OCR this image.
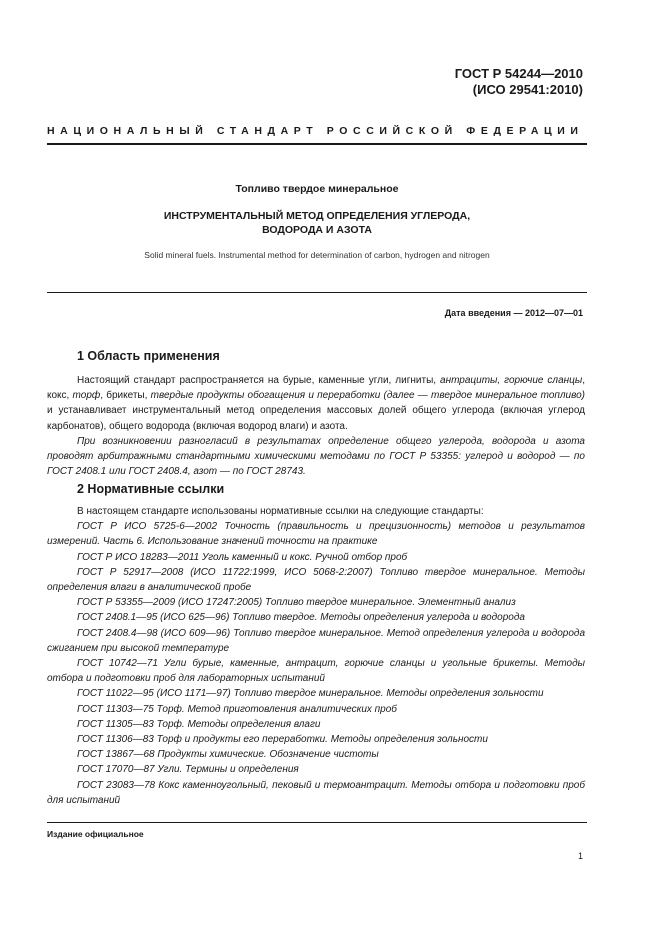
ГОСТ Р 54244—2010
(ИСО 29541:2010)
НАЦИОНАЛЬНЫЙ СТАНДАРТ РОССИЙСКОЙ ФЕДЕРАЦИИ
Топливо твердое минеральное
ИНСТРУМЕНТАЛЬНЫЙ МЕТОД ОПРЕДЕЛЕНИЯ УГЛЕРОДА,
ВОДОРОДА И АЗОТА
Solid mineral fuels. Instrumental method for determination of carbon, hydrogen and nitrogen
Дата введения — 2012—07—01
1 Область применения

Настоящий стандарт распространяется на бурые, каменные угли, лигниты, антрациты, горючие сланцы, кокс, торф, брикеты, твердые продукты обогащения и переработки (далее — твердое минеральное топливо) и устанавливает инструментальный метод определения массовых долей общего углерода (включая углерод карбонатов), общего водорода (включая водород влаги) и азота.

При возникновении разногласий в результатах определение общего углерода, водорода и азота проводят арбитражными стандартными химическими методами по ГОСТ Р 53355: углерод и водород — по ГОСТ 2408.1 или ГОСТ 2408.4, азот — по ГОСТ 28743.

2 Нормативные ссылки

В настоящем стандарте использованы нормативные ссылки на следующие стандарты:

ГОСТ Р ИСО 5725-6—2002 Точность (правильность и прецизионность) методов и результатов измерений. Часть 6. Использование значений точности на практике

ГОСТ Р ИСО 18283—2011 Уголь каменный и кокс. Ручной отбор проб

ГОСТ Р 52917—2008 (ИСО 11722:1999, ИСО 5068-2:2007) Топливо твердое минеральное. Методы определения влаги в аналитической пробе

ГОСТ Р 53355—2009 (ИСО 17247:2005) Топливо твердое минеральное. Элементный анализ

ГОСТ 2408.1—95 (ИСО 625—96) Топливо твердое. Методы определения углерода и водорода

ГОСТ 2408.4—98 (ИСО 609—96) Топливо твердое минеральное. Метод определения углерода и водорода сжиганием при высокой температуре

ГОСТ 10742—71 Угли бурые, каменные, антрацит, горючие сланцы и угольные брикеты. Методы отбора и подготовки проб для лабораторных испытаний

ГОСТ 11022—95 (ИСО 1171—97) Топливо твердое минеральное. Методы определения зольности

ГОСТ 11303—75 Торф. Метод приготовления аналитических проб

ГОСТ 11305—83 Торф. Методы определения влаги

ГОСТ 11306—83 Торф и продукты его переработки. Методы определения зольности

ГОСТ 13867—68 Продукты химические. Обозначение чистоты

ГОСТ 17070—87 Угли. Термины и определения

ГОСТ 23083—78 Кокс каменноугольный, пековый и термоантрацит. Методы отбора и подготовки проб для испытаний

Издание официальное
1
